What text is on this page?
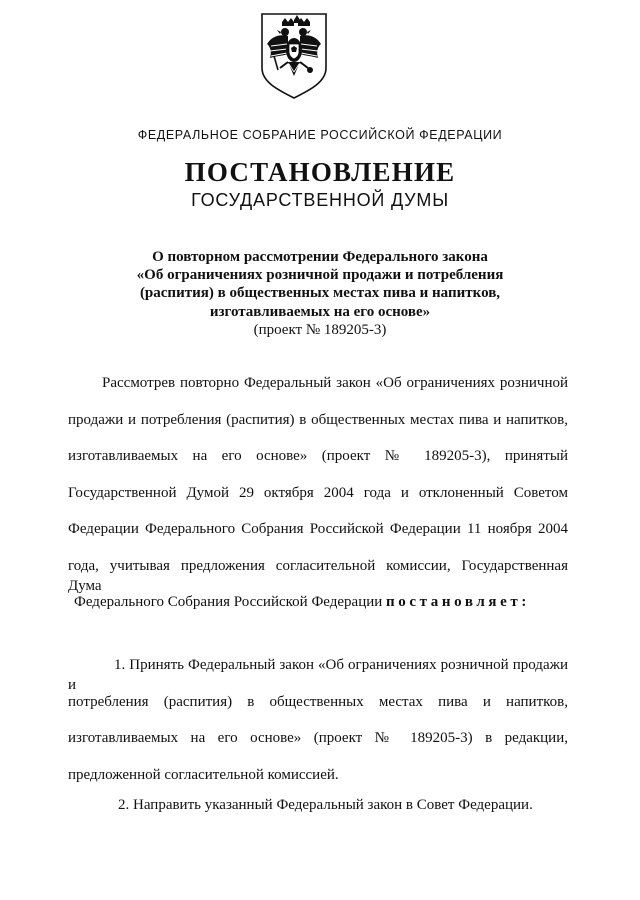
ФЕДЕРАЛЬНОЕ СОБРАНИЕ РОССИЙСКОЙ ФЕДЕРАЦИИ
ПОСТАНОВЛЕНИЕ
ГОСУДАРСТВЕННОЙ ДУМЫ
О повторном рассмотрении Федерального закона
«Об ограничениях розничной продажи и потребления
(распития) в общественных местах пива и напитков,
изготавливаемых на его основе»
(проект № 189205-3)
Рассмотрев повторно Федеральный закон «Об ограничениях розничной
продажи и потребления (распития) в общественных местах пива и напитков,
изготавливаемых на его основе» (проект № 189205-3), принятый
Государственной Думой 29 октября 2004 года и отклоненный Советом
Федерации Федерального Собрания Российской Федерации 11 ноября 2004
года, учитывая предложения согласительной комиссии, Государственная Дума
Федерального Собрания Российской Федерации постановляет:
1. Принять Федеральный закон «Об ограничениях розничной продажи и
потребления (распития) в общественных местах пива и напитков,
изготавливаемых на его основе» (проект № 189205-3) в редакции,
предложенной согласительной комиссией.
2. Направить указанный Федеральный закон в Совет Федерации.
